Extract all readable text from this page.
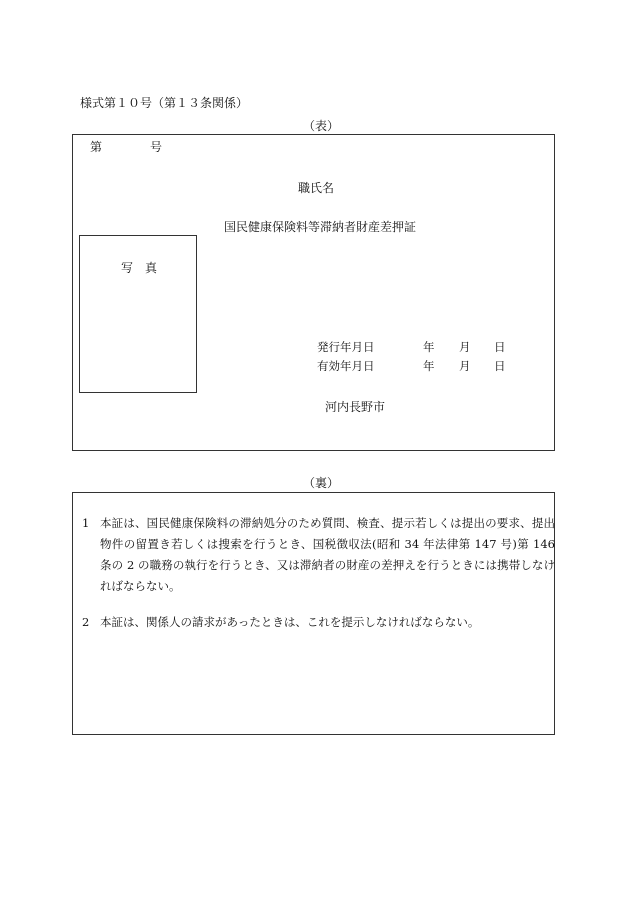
様式第１０号（第１３条関係）
（表）
第	号
職氏名
国民健康保険料等滞納者財産差押証
写真
発行年月日	年 月 日
有効年月日	年 月 日
河内長野市
（裏）
1 本証は、国民健康保険料の滞納処分のため質問、検査、提示若しくは提出の要求、提出物件の留置き若しくは捜索を行うとき、国税徴収法(昭和 34 年法律第 147 号)第 146 条の 2 の職務の執行を行うとき、又は滞納者の財産の差押えを行うときには携帯しなければならない。
2 本証は、関係人の請求があったときは、これを提示しなければならない。
